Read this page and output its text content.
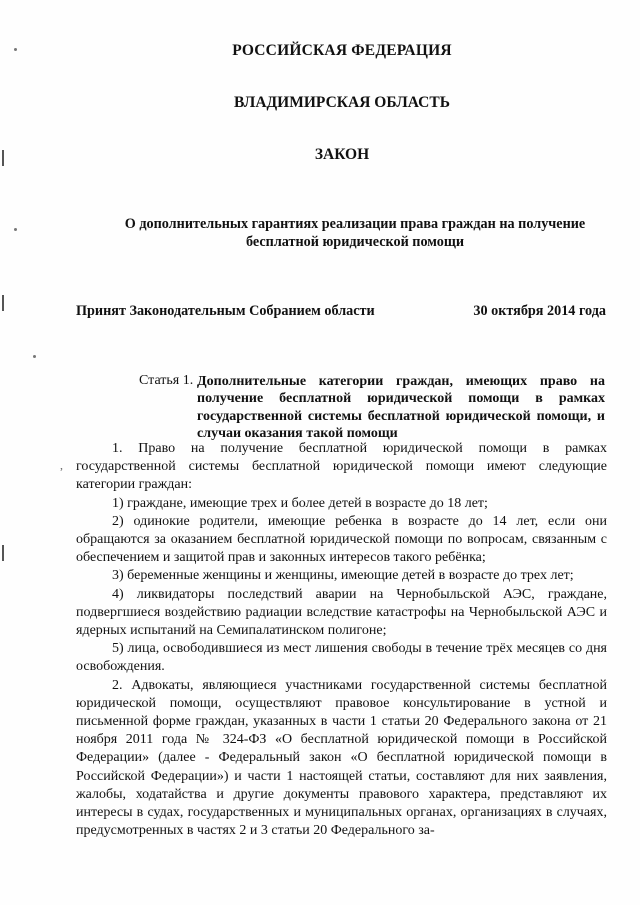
,
РОССИЙСКАЯ ФЕДЕРАЦИЯ
ВЛАДИМИРСКАЯ ОБЛАСТЬ
ЗАКОН
О дополнительных гарантиях реализации права граждан на получение бесплатной юридической помощи
Принят Законодательным Собранием области	30 октября 2014 года
Статья 1. Дополнительные категории граждан, имеющих право на получение бесплатной юридической помощи в рамках государственной системы бесплатной юридической помощи, и случаи оказания такой помощи

1. Право на получение бесплатной юридической помощи в рамках государственной системы бесплатной юридической помощи имеют следующие категории граждан:

1) граждане, имеющие трех и более детей в возрасте до 18 лет;

2) одинокие родители, имеющие ребенка в возрасте до 14 лет, если они обращаются за оказанием бесплатной юридической помощи по вопросам, связанным с обеспечением и защитой прав и законных интересов такого ребёнка;

3) беременные женщины и женщины, имеющие детей в возрасте до трех лет;

4) ликвидаторы последствий аварии на Чернобыльской АЭС, граждане, подвергшиеся воздействию радиации вследствие катастрофы на Чернобыльской АЭС и ядерных испытаний на Семипалатинском полигоне;

5) лица, освободившиеся из мест лишения свободы в течение трёх месяцев со дня освобождения.

2. Адвокаты, являющиеся участниками государственной системы бесплатной юридической помощи, осуществляют правовое консультирование в устной и письменной форме граждан, указанных в части 1 статьи 20 Федерального закона от 21 ноября 2011 года № 324-ФЗ «О бесплатной юридической помощи в Российской Федерации» (далее - Федеральный закон «О бесплатной юридической помощи в Российской Федерации») и части 1 настоящей статьи, составляют для них заявления, жалобы, ходатайства и другие документы правового характера, представляют их интересы в судах, государственных и муниципальных органах, организациях в случаях, предусмотренных в частях 2 и 3 статьи 20 Федерального за-
